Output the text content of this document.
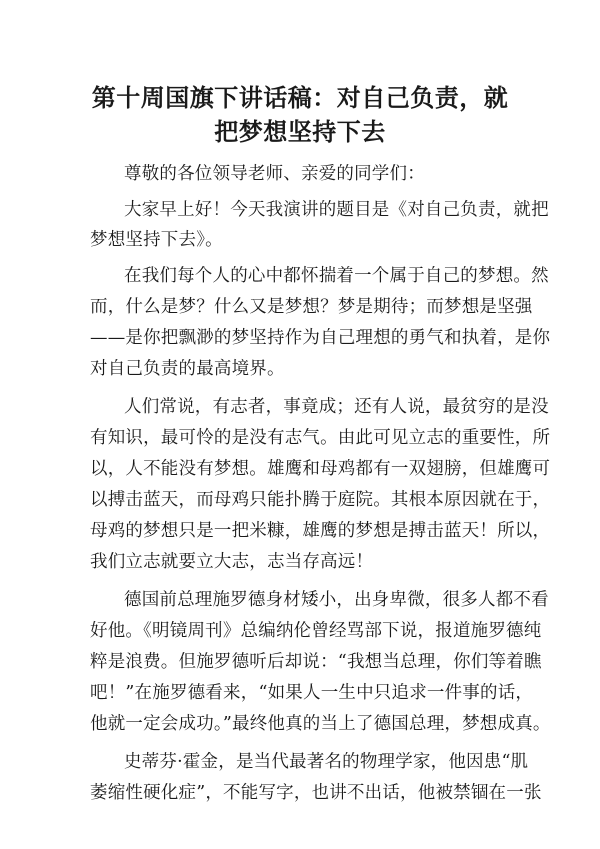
第十周国旗下讲话稿：对自己负责，就
把梦想坚持下去
尊敬的各位领导老师、亲爱的同学们：
大家早上好！今天我演讲的题目是《对自己负责，就把
梦想坚持下去》。
在我们每个人的心中都怀揣着一个属于自己的梦想。然
而，什么是梦？什么又是梦想？梦是期待；而梦想是坚强
——是你把飘渺的梦坚持作为自己理想的勇气和执着，是你
对自己负责的最高境界。
人们常说，有志者，事竟成；还有人说，最贫穷的是没
有知识，最可怜的是没有志气。由此可见立志的重要性，所
以，人不能没有梦想。雄鹰和母鸡都有一双翅膀，但雄鹰可
以搏击蓝天，而母鸡只能扑腾于庭院。其根本原因就在于，
母鸡的梦想只是一把米糠，雄鹰的梦想是搏击蓝天！所以，
我们立志就要立大志，志当存高远！
德国前总理施罗德身材矮小，出身卑微，很多人都不看
好他。《明镜周刊》总编纳伦曾经骂部下说，报道施罗德纯
粹是浪费。但施罗德听后却说：“我想当总理，你们等着瞧
吧！”在施罗德看来，“如果人一生中只追求一件事的话，
他就一定会成功。”最终他真的当上了德国总理，梦想成真。
史蒂芬·霍金，是当代最著名的物理学家，他因患“肌
萎缩性硬化症”，不能写字，也讲不出话，他被禁锢在一张
